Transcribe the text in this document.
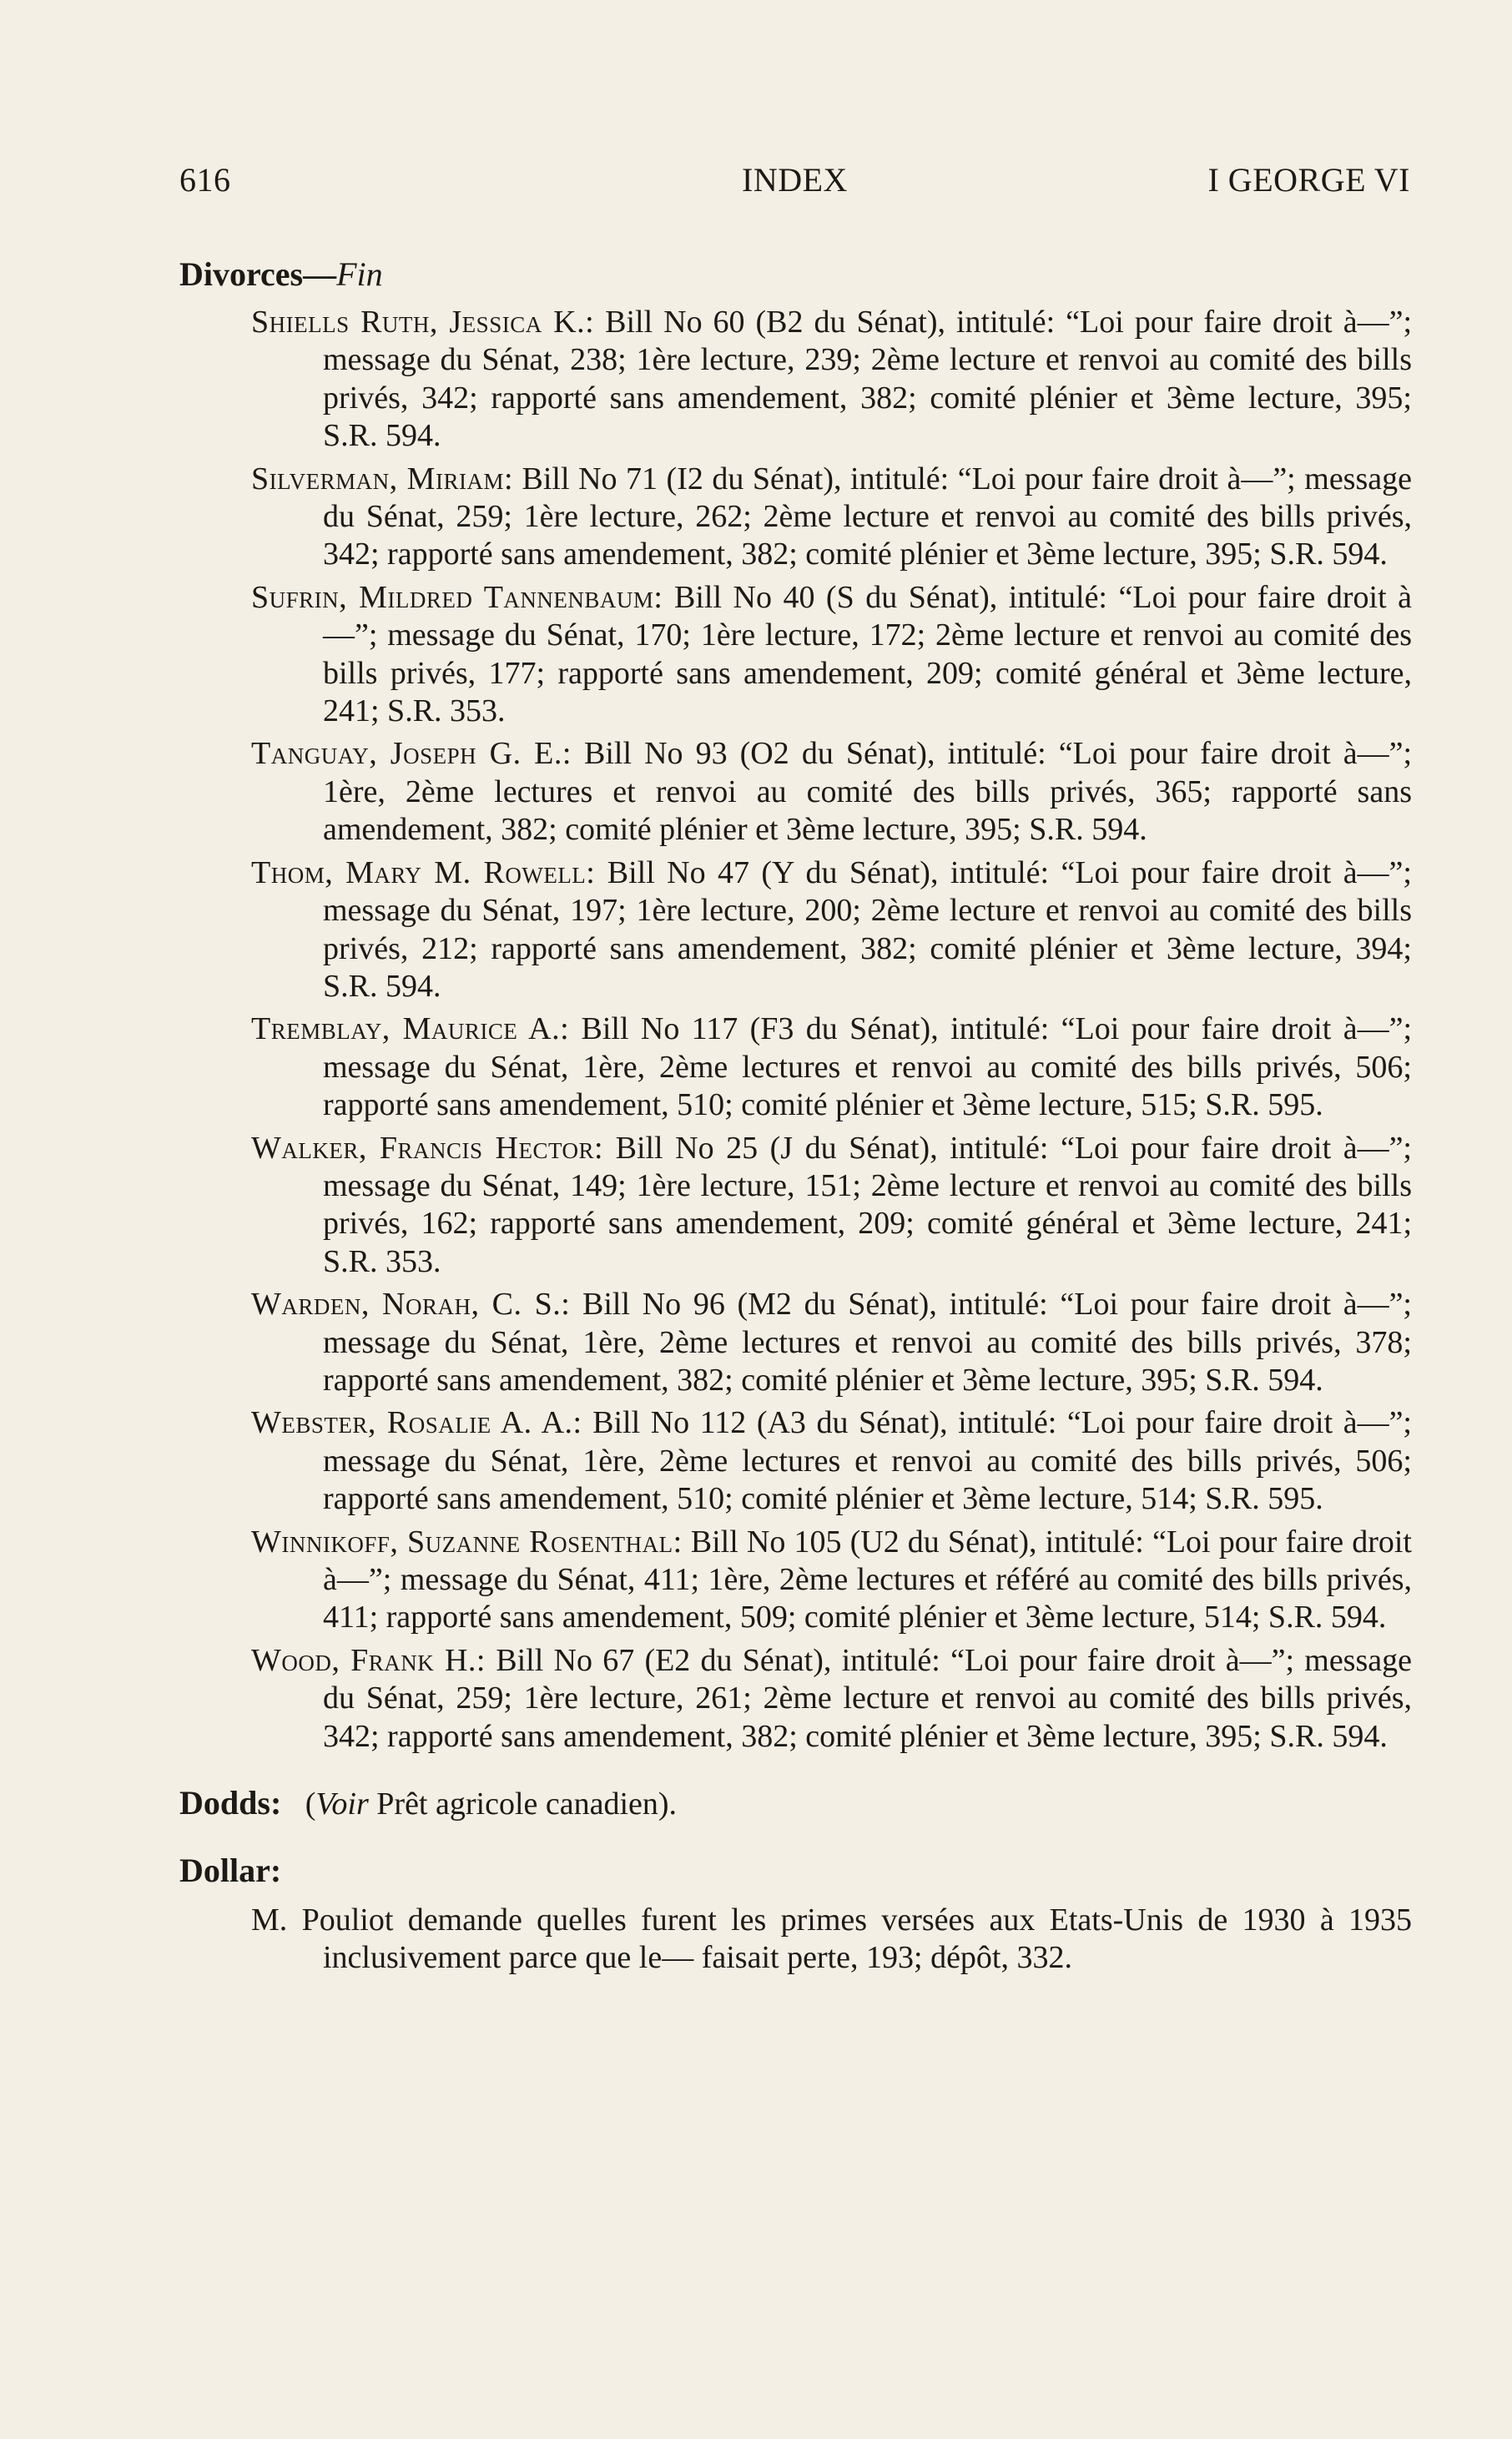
INDEX
616	I GEORGE VI

Divorces—Fin

Shiells Ruth, Jessica K.: Bill No 60 (B2 du Sénat), intitulé: “Loi pour faire droit à—”; message du Sénat, 238; 1ère lecture, 239; 2ème lecture et renvoi au comité des bills privés, 342; rapporté sans amendement, 382; comité plénier et 3ème lecture, 395; S.R. 594.

Silverman, Miriam: Bill No 71 (I2 du Sénat), intitulé: “Loi pour faire droit à—”; message du Sénat, 259; 1ère lecture, 262; 2ème lecture et renvoi au comité des bills privés, 342; rapporté sans amendement, 382; comité plénier et 3ème lecture, 395; S.R. 594.

Sufrin, Mildred Tannenbaum: Bill No 40 (S du Sénat), intitulé: “Loi pour faire droit à—”; message du Sénat, 170; 1ère lecture, 172; 2ème lecture et renvoi au comité des bills privés, 177; rapporté sans amendement, 209; comité général et 3ème lecture, 241; S.R. 353.

Tanguay, Joseph G. E.: Bill No 93 (O2 du Sénat), intitulé: “Loi pour faire droit à—”; 1ère, 2ème lectures et renvoi au comité des bills privés, 365; rapporté sans amendement, 382; comité plénier et 3ème lecture, 395; S.R. 594.

Thom, Mary M. Rowell: Bill No 47 (Y du Sénat), intitulé: “Loi pour faire droit à—”; message du Sénat, 197; 1ère lecture, 200; 2ème lecture et renvoi au comité des bills privés, 212; rapporté sans amendement, 382; comité plénier et 3ème lecture, 394; S.R. 594.

Tremblay, Maurice A.: Bill No 117 (F3 du Sénat), intitulé: “Loi pour faire droit à—”; message du Sénat, 1ère, 2ème lectures et renvoi au comité des bills privés, 506; rapporté sans amendement, 510; comité plénier et 3ème lecture, 515; S.R. 595.

Walker, Francis Hector: Bill No 25 (J du Sénat), intitulé: “Loi pour faire droit à—”; message du Sénat, 149; 1ère lecture, 151; 2ème lecture et renvoi au comité des bills privés, 162; rapporté sans amendement, 209; comité général et 3ème lecture, 241; S.R. 353.

Warden, Norah, C. S.: Bill No 96 (M2 du Sénat), intitulé: “Loi pour faire droit à—”; message du Sénat, 1ère, 2ème lectures et renvoi au comité des bills privés, 378; rapporté sans amendement, 382; comité plénier et 3ème lecture, 395; S.R. 594.

Webster, Rosalie A. A.: Bill No 112 (A3 du Sénat), intitulé: “Loi pour faire droit à—”; message du Sénat, 1ère, 2ème lectures et renvoi au comité des bills privés, 506; rapporté sans amendement, 510; comité plénier et 3ème lecture, 514; S.R. 595.

Winnikoff, Suzanne Rosenthal: Bill No 105 (U2 du Sénat), intitulé: “Loi pour faire droit à—”; message du Sénat, 411; 1ère, 2ème lectures et référé au comité des bills privés, 411; rapporté sans amendement, 509; comité plénier et 3ème lecture, 514; S.R. 594.

Wood, Frank H.: Bill No 67 (E2 du Sénat), intitulé: “Loi pour faire droit à—”; message du Sénat, 259; 1ère lecture, 261; 2ème lecture et renvoi au comité des bills privés, 342; rapporté sans amendement, 382; comité plénier et 3ème lecture, 395; S.R. 594.

Dodds: (Voir Prêt agricole canadien).

Dollar:

M. Pouliot demande quelles furent les primes versées aux Etats-Unis de 1930 à 1935 inclusivement parce que le— faisait perte, 193; dépôt, 332.
